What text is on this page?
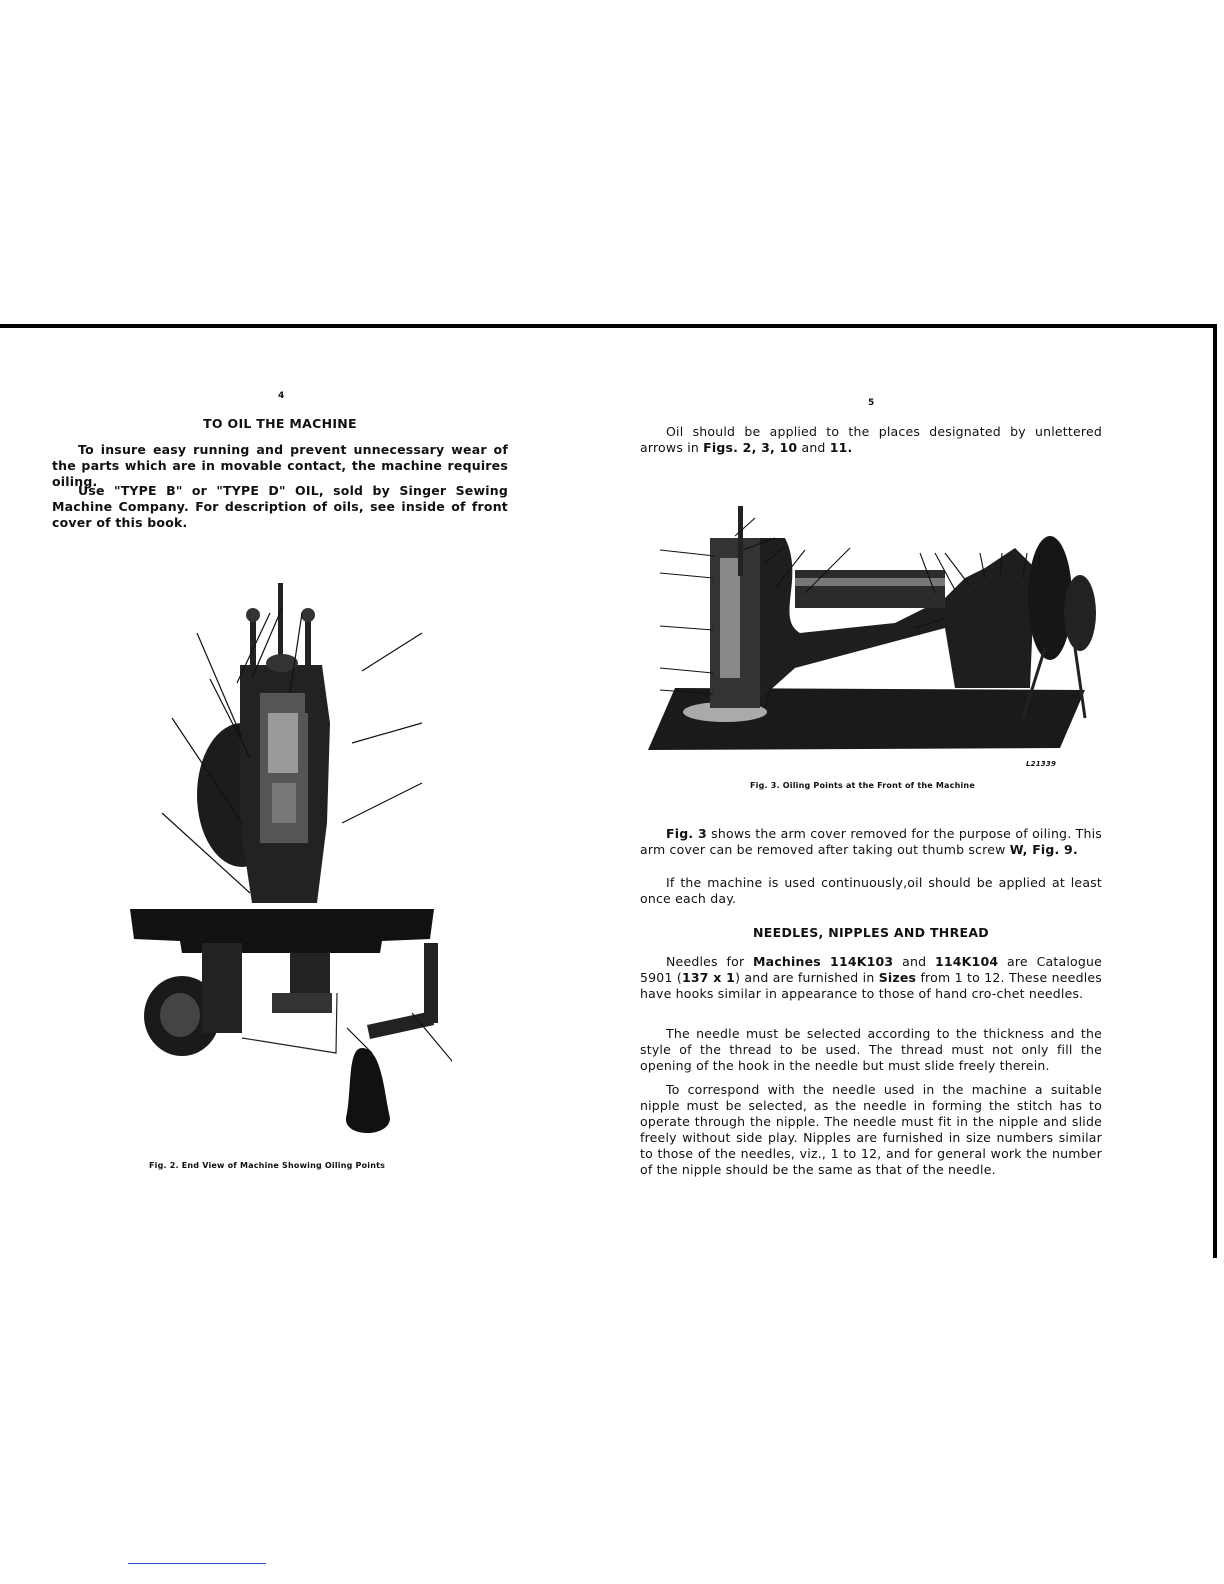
4
TO OIL THE MACHINE
To insure easy running and prevent unnecessary wear of the parts which are in movable contact, the machine requires oiling.
Use "TYPE B" or "TYPE D" OIL, sold by Singer Sewing Machine Company. For description of oils, see inside of front cover of this book.
E3645
Fig. 2. End View of Machine Showing Oiling Points
5
Oil should be applied to the places designated by unlettered arrows in Figs. 2, 3, 10 and 11.
L21339
Fig. 3. Oiling Points at the Front of the Machine
Fig. 3 shows the arm cover removed for the purpose of oiling. This arm cover can be removed after taking out thumb screw W, Fig. 9.
If the machine is used continuously,oil should be applied at least once each day.
NEEDLES, NIPPLES AND THREAD
Needles for Machines 114K103 and 114K104 are Catalogue 5901 (137 x 1) and are furnished in Sizes from 1 to 12. These needles have hooks similar in appearance to those of hand cro-chet needles.
The needle must be selected according to the thickness and the style of the thread to be used. The thread must not only fill the opening of the hook in the needle but must slide freely therein.
To correspond with the needle used in the machine a suitable nipple must be selected, as the needle in forming the stitch has to operate through the nipple. The needle must fit in the nipple and slide freely without side play. Nipples are furnished in size numbers similar to those of the needles, viz., 1 to 12, and for general work the number of the nipple should be the same as that of the needle.
